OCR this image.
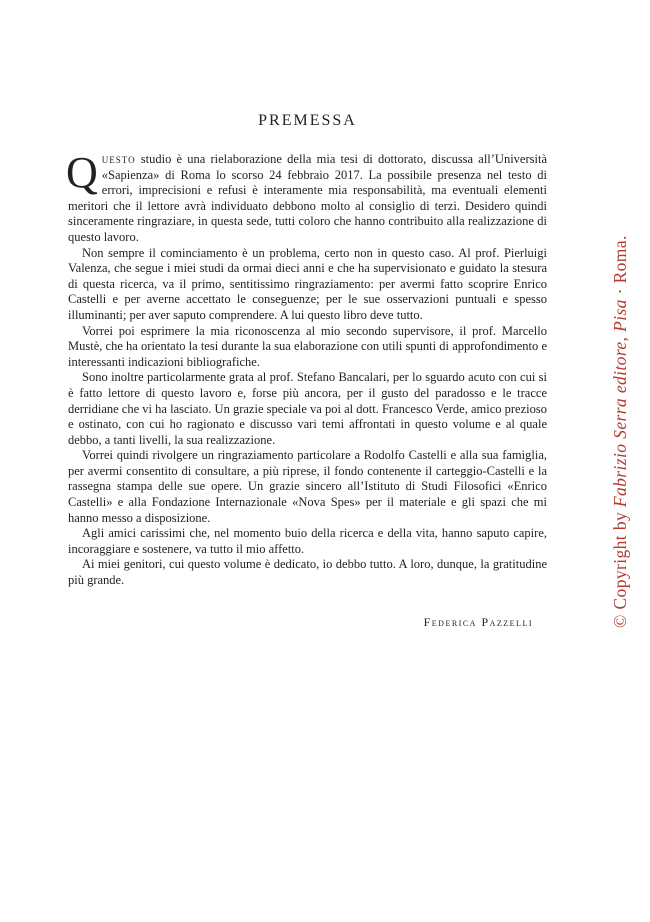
PREMESSA

Questo studio è una rielaborazione della mia tesi di dottorato, discussa all’Università «Sapienza» di Roma lo scorso 24 febbraio 2017. La possibile presenza nel testo di errori, imprecisioni e refusi è interamente mia responsabilità, ma eventuali elementi meritori che il lettore avrà individuato debbono molto al consiglio di terzi. Desidero quindi sinceramente ringraziare, in questa sede, tutti coloro che hanno contribuito alla realizzazione di questo lavoro.

Non sempre il cominciamento è un problema, certo non in questo caso. Al prof. Pierluigi Valenza, che segue i miei studi da ormai dieci anni e che ha supervisionato e guidato la stesura di questa ricerca, va il primo, sentitissimo ringraziamento: per avermi fatto scoprire Enrico Castelli e per averne accettato le conseguenze; per le sue osservazioni puntuali e spesso illuminanti; per aver saputo comprendere. A lui questo libro deve tutto.

Vorrei poi esprimere la mia riconoscenza al mio secondo supervisore, il prof. Marcello Mustè, che ha orientato la tesi durante la sua elaborazione con utili spunti di approfondimento e interessanti indicazioni bibliografiche.

Sono inoltre particolarmente grata al prof. Stefano Bancalari, per lo sguardo acuto con cui si è fatto lettore di questo lavoro e, forse più ancora, per il gusto del paradosso e le tracce derridiane che vi ha lasciato. Un grazie speciale va poi al dott. Francesco Verde, amico prezioso e ostinato, con cui ho ragionato e discusso vari temi affrontati in questo volume e al quale debbo, a tanti livelli, la sua realizzazione.

Vorrei quindi rivolgere un ringraziamento particolare a Rodolfo Castelli e alla sua famiglia, per avermi consentito di consultare, a più riprese, il fondo contenente il carteggio-Castelli e la rassegna stampa delle sue opere. Un grazie sincero all’Istituto di Studi Filosofici «Enrico Castelli» e alla Fondazione Internazionale «Nova Spes» per il materiale e gli spazi che mi hanno messo a disposizione.

Agli amici carissimi che, nel momento buio della ricerca e della vita, hanno saputo capire, incoraggiare e sostenere, va tutto il mio affetto.

Ai miei genitori, cui questo volume è dedicato, io debbo tutto. A loro, dunque, la gratitudine più grande.

Federica Pazzelli	© Copyright by Fabrizio Serra editore, Pisa · Roma.
